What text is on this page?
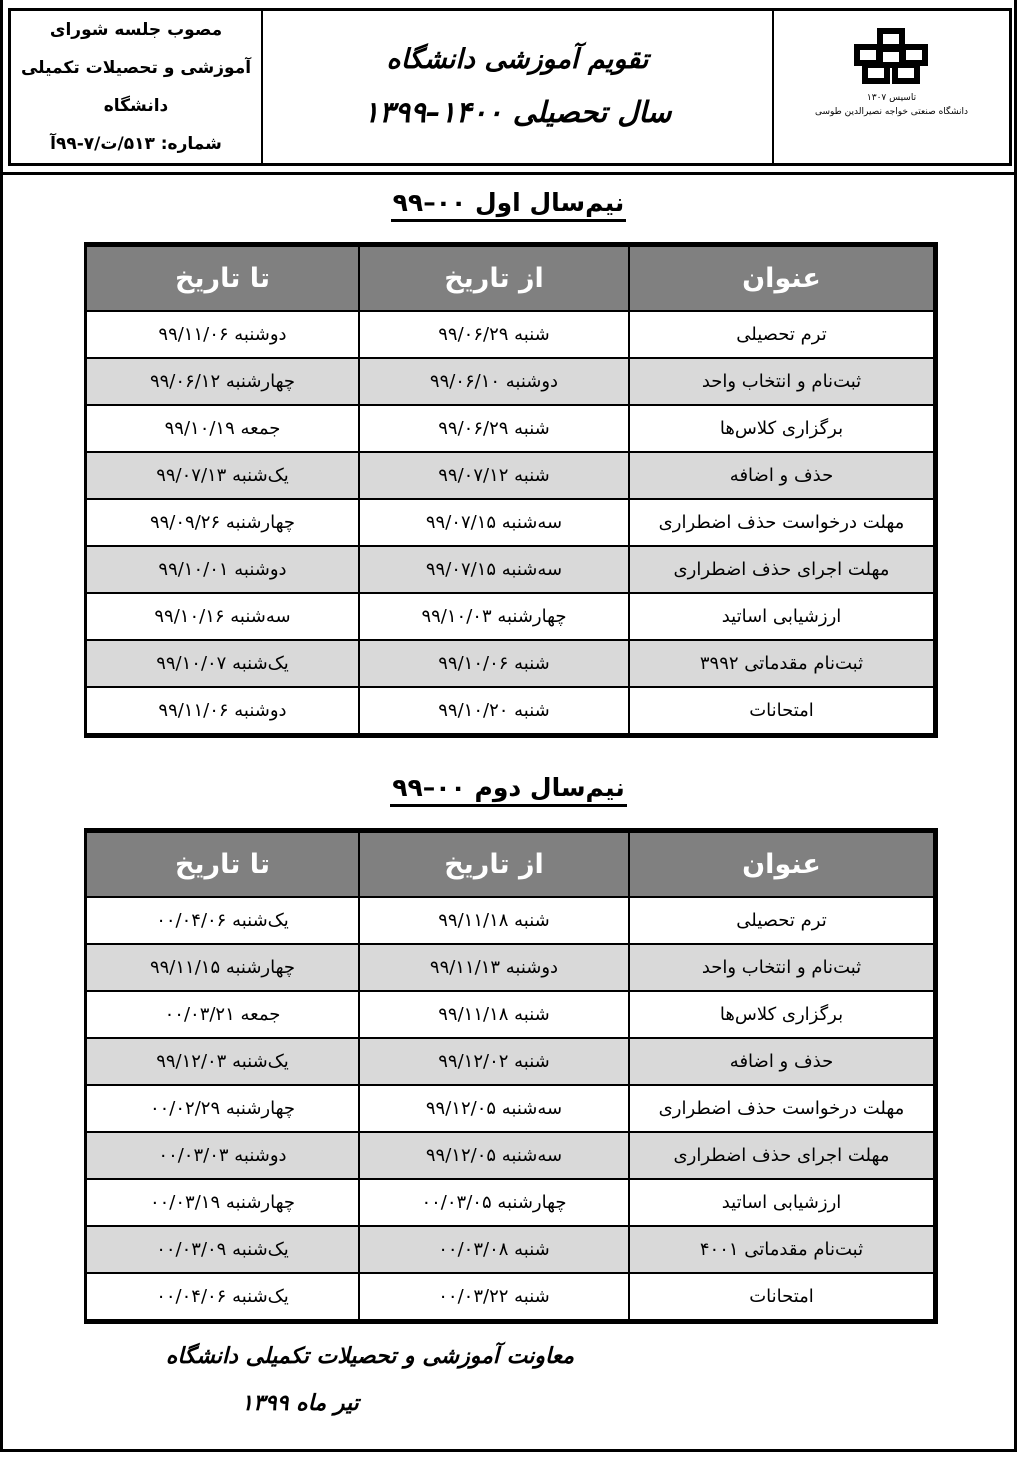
تاسیس ۱۳۰۷
دانشگاه صنعتی خواجه نصیرالدین طوسی
تقویم آموزشی دانشگاه
سال تحصیلی ۱۴۰۰–۱۳۹۹
مصوب جلسه شورای
آموزشی و تحصیلات تکمیلی
دانشگاه
شماره: ۵۱۳/ت/۷-۹۹آ
نیم‌سال اول ۰۰–۹۹
عنوان	از تاریخ	تا تاریخ
ترم تحصیلی	شنبه ۹۹/۰۶/۲۹	دوشنبه ۹۹/۱۱/۰۶
ثبت‌نام و انتخاب واحد	دوشنبه ۹۹/۰۶/۱۰	چهارشنبه ۹۹/۰۶/۱۲
برگزاری کلاس‌ها	شنبه ۹۹/۰۶/۲۹	جمعه ۹۹/۱۰/۱۹
حذف و اضافه	شنبه ۹۹/۰۷/۱۲	یک‌شنبه ۹۹/۰۷/۱۳
مهلت درخواست حذف اضطراری	سه‌شنبه ۹۹/۰۷/۱۵	چهارشنبه ۹۹/۰۹/۲۶
مهلت اجرای حذف اضطراری	سه‌شنبه ۹۹/۰۷/۱۵	دوشنبه ۹۹/۱۰/۰۱
ارزشیابی اساتید	چهارشنبه ۹۹/۱۰/۰۳	سه‌شنبه ۹۹/۱۰/۱۶
ثبت‌نام مقدماتی ۳۹۹۲	شنبه ۹۹/۱۰/۰۶	یک‌شنبه ۹۹/۱۰/۰۷
امتحانات	شنبه ۹۹/۱۰/۲۰	دوشنبه ۹۹/۱۱/۰۶
نیم‌سال دوم ۰۰–۹۹
عنوان	از تاریخ	تا تاریخ
ترم تحصیلی	شنبه ۹۹/۱۱/۱۸	یک‌شنبه ۰۰/۰۴/۰۶
ثبت‌نام و انتخاب واحد	دوشنبه ۹۹/۱۱/۱۳	چهارشنبه ۹۹/۱۱/۱۵
برگزاری کلاس‌ها	شنبه ۹۹/۱۱/۱۸	جمعه ۰۰/۰۳/۲۱
حذف و اضافه	شنبه ۹۹/۱۲/۰۲	یک‌شنبه ۹۹/۱۲/۰۳
مهلت درخواست حذف اضطراری	سه‌شنبه ۹۹/۱۲/۰۵	چهارشنبه ۰۰/۰۲/۲۹
مهلت اجرای حذف اضطراری	سه‌شنبه ۹۹/۱۲/۰۵	دوشنبه ۰۰/۰۳/۰۳
ارزشیابی اساتید	چهارشنبه ۰۰/۰۳/۰۵	چهارشنبه ۰۰/۰۳/۱۹
ثبت‌نام مقدماتی ۴۰۰۱	شنبه ۰۰/۰۳/۰۸	یک‌شنبه ۰۰/۰۳/۰۹
امتحانات	شنبه ۰۰/۰۳/۲۲	یک‌شنبه ۰۰/۰۴/۰۶
معاونت آموزشی و تحصیلات تکمیلی دانشگاه
تیر ماه ۱۳۹۹
